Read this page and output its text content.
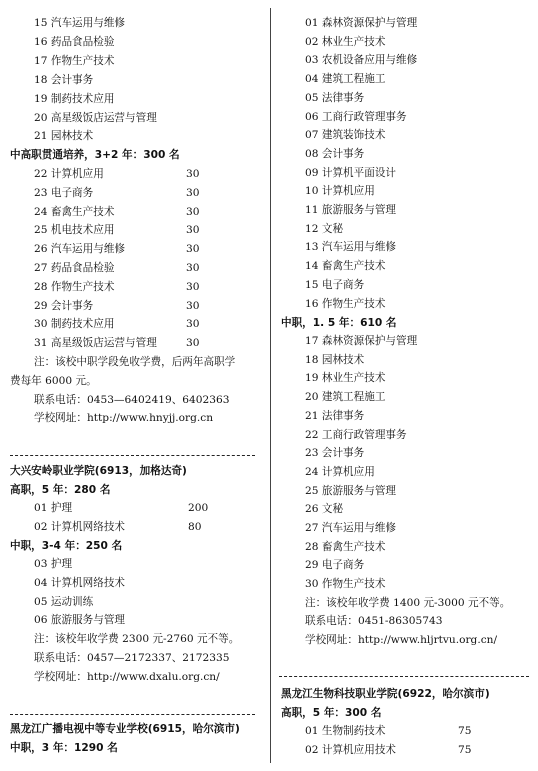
15 汽车运用与维修
16 药品食品检验
17 作物生产技术
18 会计事务
19 制药技术应用
20 高星级饭店运营与管理
21 园林技术
中高职贯通培养，3+2 年：300 名
22 计算机应用	30
23 电子商务	30
24 畜禽生产技术	30
25 机电技术应用	30
26 汽车运用与维修	30
27 药品食品检验	30
28 作物生产技术	30
29 会计事务	30
30 制药技术应用	30
31 高星级饭店运营与管理	30
注：该校中职学段免收学费，后两年高职学
费每年 6000 元。
联系电话：0453—6402419、6402363
学校网址：http://www.hnyjj.org.cn
大兴安岭职业学院(6913，加格达奇)
高职，5 年：280 名
01 护理	200
02 计算机网络技术	80
中职，3-4 年：250 名
03 护理
04 计算机网络技术
05 运动训练
06 旅游服务与管理
注：该校年收学费 2300 元-2760 元不等。
联系电话：0457—2172337、2172335
学校网址：http://www.dxalu.org.cn/
黑龙江广播电视中等专业学校(6915，哈尔滨市)
中职，3 年：1290 名
01 森林资源保护与管理
02 林业生产技术
03 农机设备应用与维修
04 建筑工程施工
05 法律事务
06 工商行政管理事务
07 建筑装饰技术
08 会计事务
09 计算机平面设计
10 计算机应用
11 旅游服务与管理
12 文秘
13 汽车运用与维修
14 畜禽生产技术
15 电子商务
16 作物生产技术
中职，1. 5 年：610 名
17 森林资源保护与管理
18 园林技术
19 林业生产技术
20 建筑工程施工
21 法律事务
22 工商行政管理事务
23 会计事务
24 计算机应用
25 旅游服务与管理
26 文秘
27 汽车运用与维修
28 畜禽生产技术
29 电子商务
30 作物生产技术
注：该校年收学费 1400 元-3000 元不等。
联系电话：0451-86305743
学校网址：http://www.hljrtvu.org.cn/
黑龙江生物科技职业学院(6922，哈尔滨市)
高职，5 年：300 名
01 生物制药技术	75
02 计算机应用技术	75
